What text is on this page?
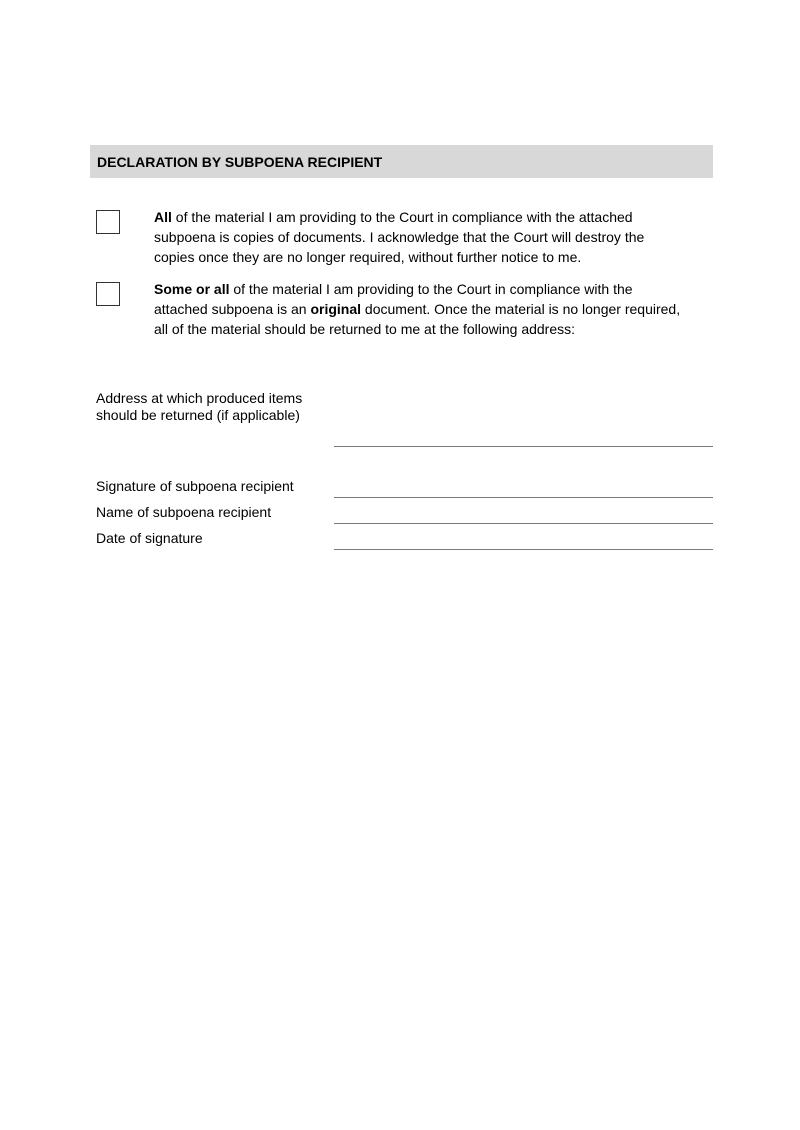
DECLARATION BY SUBPOENA RECIPIENT
All of the material I am providing to the Court in compliance with the attached subpoena is copies of documents. I acknowledge that the Court will destroy the copies once they are no longer required, without further notice to me.
Some or all of the material I am providing to the Court in compliance with the attached subpoena is an original document. Once the material is no longer required, all of the material should be returned to me at the following address:
Address at which produced items
should be returned (if applicable)
Signature of subpoena recipient
Name of subpoena recipient
Date of signature
